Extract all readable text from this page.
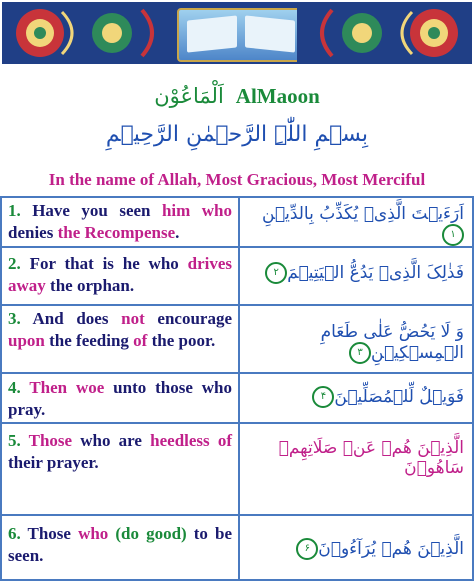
اَلْمَاعُوْن AlMaoon
بِسۡمِ اللّٰہِ الرَّحۡمٰنِ الرَّحِیۡمِ
In the name of Allah, Most Gracious, Most Merciful
1. Have you seen him who denies the Recompense.
اَرَءَیۡتَ الَّذِیۡ یُکَذِّبُ بِالدِّیۡنِ۱
2. For that is he who drives away the orphan.
فَذٰلِکَ الَّذِیۡ یَدُعُّ الۡیَتِیۡمَ۲
3. And does not encourage upon the feeding of the poor.	وَ لَا یَحُضُّ عَلٰی طَعَامِ الۡمِسۡکِیۡنِ۳
4. Then woe unto those who pray.
فَوَیۡلٌ لِّلۡمُصَلِّیۡنَ۴
5. Those who are heedless of their prayer.
الَّذِیۡنَ هُمۡ عَنۡ صَلَاتِهِمۡ سَاهُوۡنَ
6. Those who (do good) to be seen.	الَّذِیۡنَ هُمۡ یُرَآءُوۡنَ۶
